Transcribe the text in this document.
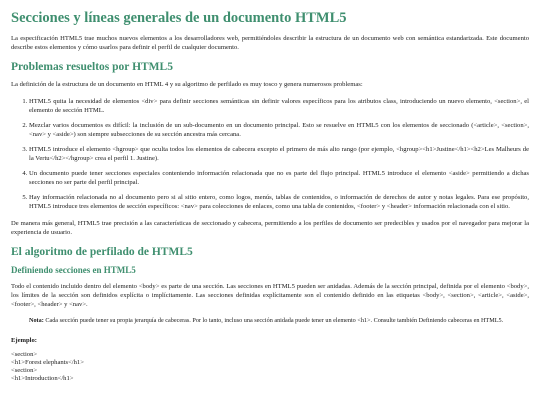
Secciones y líneas generales de un documento HTML5

La especificación HTML5 trae muchos nuevos elementos a los desarrolladores web, permitiéndoles describir la estructura de un documento web con semántica estandarizada. Este documento describe estos elementos y cómo usarlos para definir el perfil de cualquier documento.

Problemas resueltos por HTML5

La definición de la estructura de un documento en HTML 4 y su algoritmo de perfilado es muy tosco y genera numerosos problemas:

1. HTML5 quita la necesidad de elementos <div> para definir secciones semánticas sin definir valores específicos para los atributos class, introduciendo un nuevo elemento, <section>, el elemento de sección HTML.
2. Mezclar varios documentos es difícil: la inclusión de un sub-documento en un documento principal. Esto se resuelve en HTML5 con los elementos de seccionado (<article>, <section>, <nav> y <aside>) son siempre subsecciones de su sección ancestra más cercana.
3. HTML5 introduce el elemento <hgroup> que oculta todos los elementos de cabecera excepto el primero de más alto rango (por ejemplo, <hgroup><h1>Justine</h1><h2>Les Malheurs de la Vertu</h2></hgroup> crea el perfil 1. Justine).
4. Un documento puede tener secciones especiales conteniendo información relacionada que no es parte del flujo principal. HTML5 introduce el elemento <aside> permitiendo a dichas secciones no ser parte del perfil principal.
5. Hay información relacionada no al documento pero si al sitio entero, como logos, menús, tablas de contenidos, o información de derechos de autor y notas legales. Para ese propósito, HTML5 introduce tres elementos de sección específicos: <nav> para colecciones de enlaces, como una tabla de contenidos, <footer> y <header> información relacionada con el sitio.

De manera más general, HTML5 trae precisión a las características de seccionado y cabecera, permitiendo a los perfiles de documento ser predecibles y usados por el navegador para mejorar la experiencia de usuario.

El algoritmo de perfilado de HTML5
Definiendo secciones en HTML5

Todo el contenido incluido dentro del elemento <body> es parte de una sección. Las secciones en HTML5 pueden ser anidadas. Además de la sección principal, definida por el elemento <body>, los límites de la sección son definidos explícita o implícitamente. Las secciones definidas explícitamente son el contenido definido en las etiquetas <body>, <section>, <article>, <aside>, <footer>, <header> y <nav>.

Nota: Cada sección puede tener su propia jerarquía de cabeceras. Por lo tanto, incluso una sección anidada puede tener un elemento <h1>. Consulte también Definiendo cabeceras en HTML5.

Ejemplo:

<section>

<h1>Forest elephants</h1>

<section>

<h1>Introduction</h1>
